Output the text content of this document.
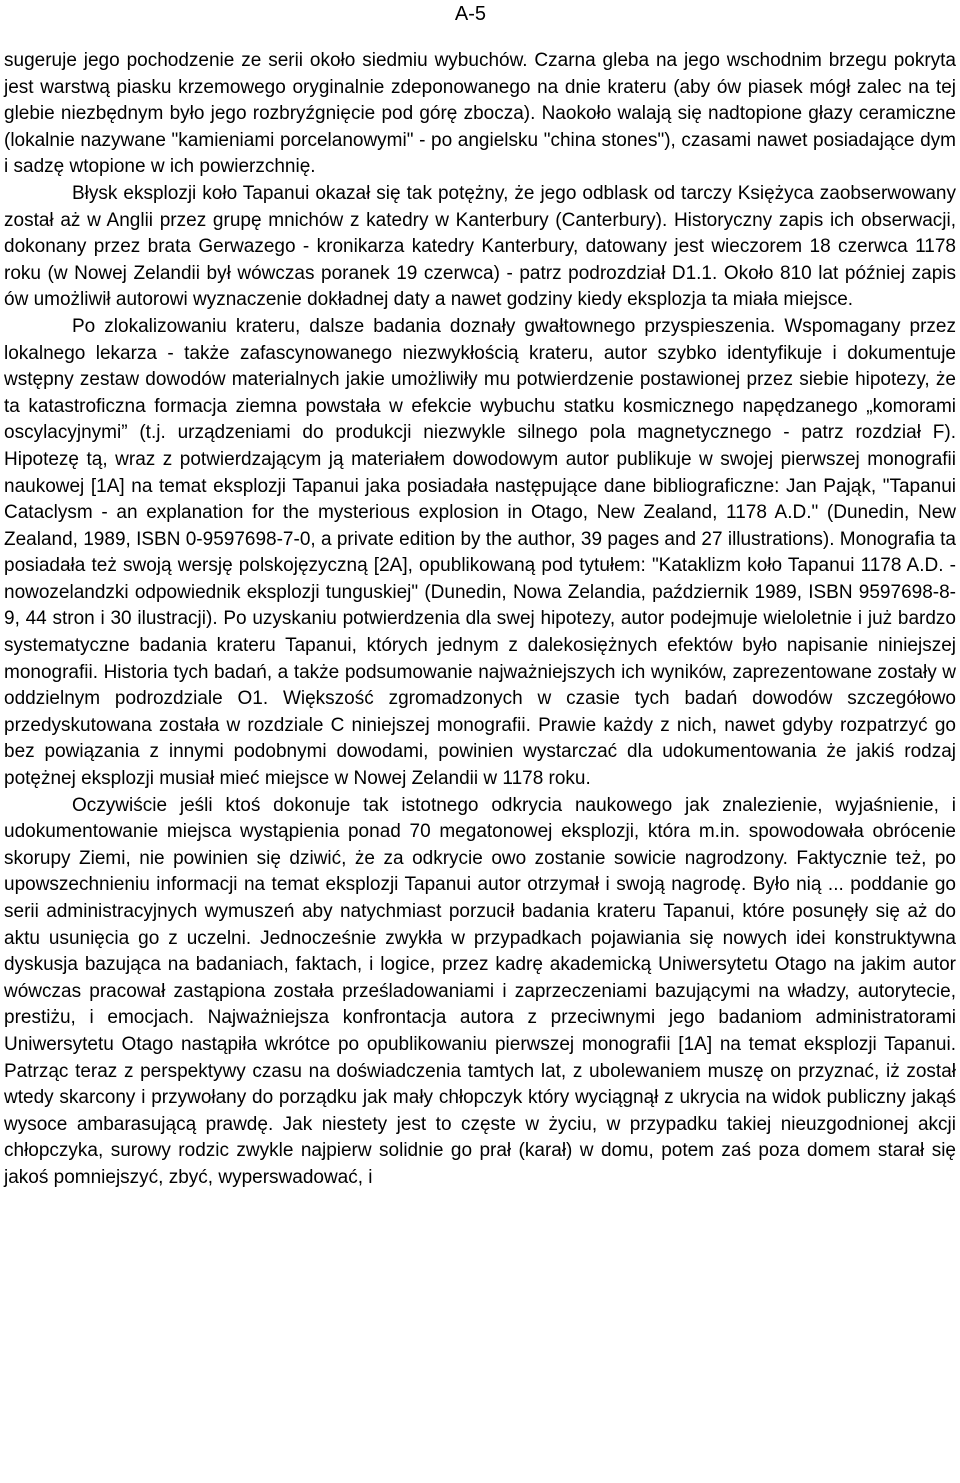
A-5

sugeruje jego pochodzenie ze serii około siedmiu wybuchów. Czarna gleba na jego wschodnim brzegu pokryta jest warstwą piasku krzemowego oryginalnie zdeponowanego na dnie krateru (aby ów piasek mógł zalec na tej glebie niezbędnym było jego rozbryźgnięcie pod górę zbocza). Naokoło walają się nadtopione głazy ceramiczne (lokalnie nazywane "kamieniami porcelanowymi" - po angielsku "china stones"), czasami nawet posiadające dym i sadzę wtopione w ich powierzchnię.

Błysk eksplozji koło Tapanui okazał się tak potężny, że jego odblask od tarczy Księżyca zaobserwowany został aż w Anglii przez grupę mnichów z katedry w Kanterbury (Canterbury). Historyczny zapis ich obserwacji, dokonany przez brata Gerwazego - kronikarza katedry Kanterbury, datowany jest wieczorem 18 czerwca 1178 roku (w Nowej Zelandii był wówczas poranek 19 czerwca) - patrz podrozdział D1.1. Około 810 lat później zapis ów umożliwił autorowi wyznaczenie dokładnej daty a nawet godziny kiedy eksplozja ta miała miejsce.

Po zlokalizowaniu krateru, dalsze badania doznały gwałtownego przyspieszenia. Wspomagany przez lokalnego lekarza - także zafascynowanego niezwykłością krateru, autor szybko identyfikuje i dokumentuje wstępny zestaw dowodów materialnych jakie umożliwiły mu potwierdzenie postawionej przez siebie hipotezy, że ta katastroficzna formacja ziemna powstała w efekcie wybuchu statku kosmicznego napędzanego „komorami oscylacyjnymi” (t.j. urządzeniami do produkcji niezwykle silnego pola magnetycznego - patrz rozdział F). Hipotezę tą, wraz z potwierdzającym ją materiałem dowodowym autor publikuje w swojej pierwszej monografii naukowej [1A] na temat eksplozji Tapanui jaka posiadała następujące dane bibliograficzne: Jan Pająk, "Tapanui Cataclysm - an explanation for the mysterious explosion in Otago, New Zealand, 1178 A.D." (Dunedin, New Zealand, 1989, ISBN 0-9597698-7-0, a private edition by the author, 39 pages and 27 illustrations). Monografia ta posiadała też swoją wersję polskojęzyczną [2A], opublikowaną pod tytułem: "Kataklizm koło Tapanui 1178 A.D. - nowozelandzki odpowiednik eksplozji tunguskiej" (Dunedin, Nowa Zelandia, październik 1989, ISBN 9597698-8-9, 44 stron i 30 ilustracji). Po uzyskaniu potwierdzenia dla swej hipotezy, autor podejmuje wieloletnie i już bardzo systematyczne badania krateru Tapanui, których jednym z dalekosiężnych efektów było napisanie niniejszej monografii. Historia tych badań, a także podsumowanie najważniejszych ich wyników, zaprezentowane zostały w oddzielnym podrozdziale O1. Większość zgromadzonych w czasie tych badań dowodów szczegółowo przedyskutowana została w rozdziale C niniejszej monografii. Prawie każdy z nich, nawet gdyby rozpatrzyć go bez powiązania z innymi podobnymi dowodami, powinien wystarczać dla udokumentowania że jakiś rodzaj potężnej eksplozji musiał mieć miejsce w Nowej Zelandii w 1178 roku.

Oczywiście jeśli ktoś dokonuje tak istotnego odkrycia naukowego jak znalezienie, wyjaśnienie, i udokumentowanie miejsca wystąpienia ponad 70 megatonowej eksplozji, która m.in. spowodowała obrócenie skorupy Ziemi, nie powinien się dziwić, że za odkrycie owo zostanie sowicie nagrodzony. Faktycznie też, po upowszechnieniu informacji na temat eksplozji Tapanui autor otrzymał i swoją nagrodę. Było nią ... poddanie go serii administracyjnych wymuszeń aby natychmiast porzucił badania krateru Tapanui, które posunęły się aż do aktu usunięcia go z uczelni. Jednocześnie zwykła w przypadkach pojawiania się nowych idei konstruktywna dyskusja bazująca na badaniach, faktach, i logice, przez kadrę akademicką Uniwersytetu Otago na jakim autor wówczas pracował zastąpiona została prześladowaniami i zaprzeczeniami bazującymi na władzy, autorytecie, prestiżu, i emocjach. Najważniejsza konfrontacja autora z przeciwnymi jego badaniom administratorami Uniwersytetu Otago nastąpiła wkrótce po opublikowaniu pierwszej monografii [1A] na temat eksplozji Tapanui. Patrząc teraz z perspektywy czasu na doświadczenia tamtych lat, z ubolewaniem muszę on przyznać, iż został wtedy skarcony i przywołany do porządku jak mały chłopczyk który wyciągnął z ukrycia na widok publiczny jakąś wysoce ambarasującą prawdę. Jak niestety jest to częste w życiu, w przypadku takiej nieuzgodnionej akcji chłopczyka, surowy rodzic zwykle najpierw solidnie go prał (karał) w domu, potem zaś poza domem starał się jakoś pomniejszyć, zbyć, wyperswadować, i
